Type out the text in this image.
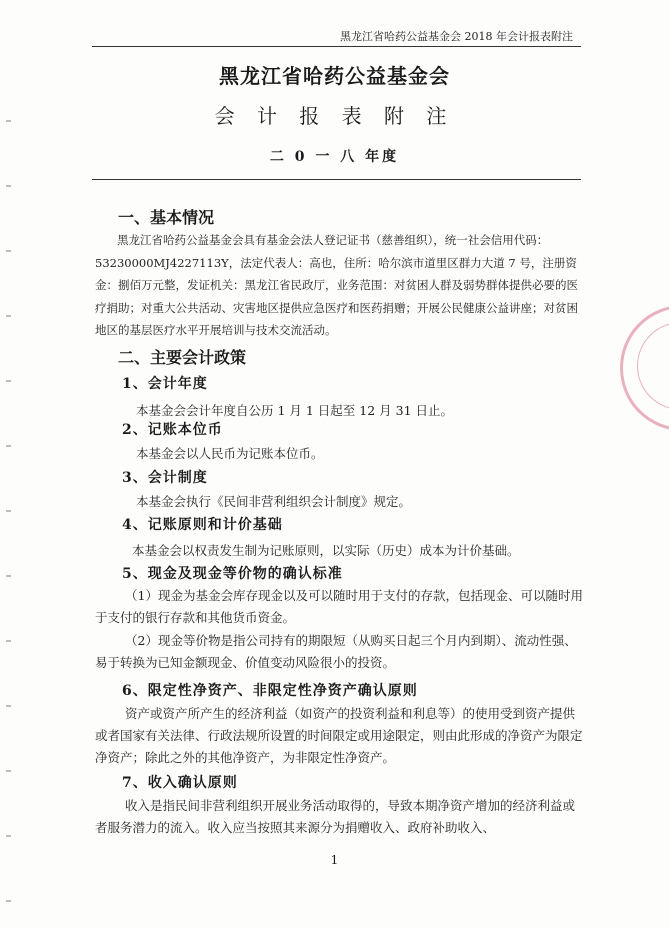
黑龙江省哈药公益基金会 2018 年会计报表附注
黑龙江省哈药公益基金会
会 计 报 表 附 注
二 0 一 八 年度
一、基本情况
黑龙江省哈药公益基金会具有基金会法人登记证书（慈善组织），统一社会信用代码：53230000MJ4227113Y，法定代表人：高也，住所：哈尔滨市道里区群力大道 7 号，注册资金：捌佰万元整，发证机关：黑龙江省民政厅，业务范围：对贫困人群及弱势群体提供必要的医疗捐助；对重大公共活动、灾害地区提供应急医疗和医药捐赠；开展公民健康公益讲座；对贫困地区的基层医疗水平开展培训与技术交流活动。
二、主要会计政策
1、会计年度
本基金会会计年度自公历 1 月 1 日起至 12 月 31 日止。
2、记账本位币
本基金会以人民币为记账本位币。
3、会计制度
本基金会执行《民间非营利组织会计制度》规定。
4、记账原则和计价基础
本基金会以权责发生制为记账原则，以实际（历史）成本为计价基础。
5、现金及现金等价物的确认标准
（1）现金为基金会库存现金以及可以随时用于支付的存款，包括现金、可以随时用于支付的银行存款和其他货币资金。
（2）现金等价物是指公司持有的期限短（从购买日起三个月内到期）、流动性强、易于转换为已知金额现金、价值变动风险很小的投资。
6、限定性净资产、非限定性净资产确认原则
资产或资产所产生的经济利益（如资产的投资利益和利息等）的使用受到资产提供或者国家有关法律、行政法规所设置的时间限定或用途限定，则由此形成的净资产为限定净资产；除此之外的其他净资产，为非限定性净资产。
7、收入确认原则
收入是指民间非营利组织开展业务活动取得的，导致本期净资产增加的经济利益或者服务潜力的流入。收入应当按照其来源分为捐赠收入、政府补助收入、
1
